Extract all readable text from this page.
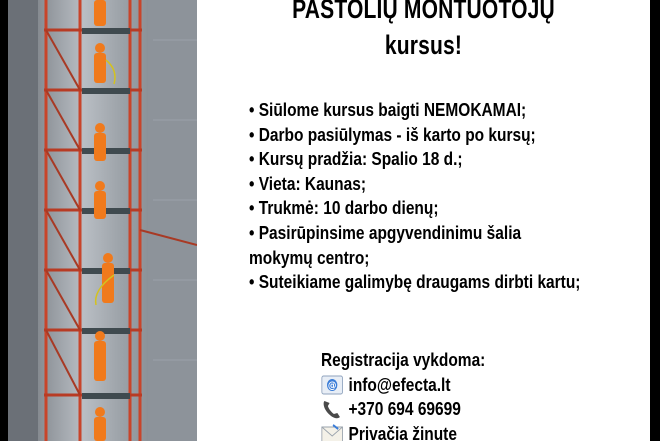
PASTOLIŲ MONTUOTOJŲ
kursus!
• Siūlome kursus baigti NEMOKAMAI;
• Darbo pasiūlymas - iš karto po kursų;
• Kursų pradžia: Spalio 18 d.;
• Vieta: Kaunas;
• Trukmė: 10 darbo dienų;
• Pasirūpinsime apgyvendinimu šalia
mokymų centro;
• Suteikiame galimybę draugams dirbti kartu;
Registracija vykdoma:
@ info@efecta.lt
+370 694 69699
Privačia žinute
